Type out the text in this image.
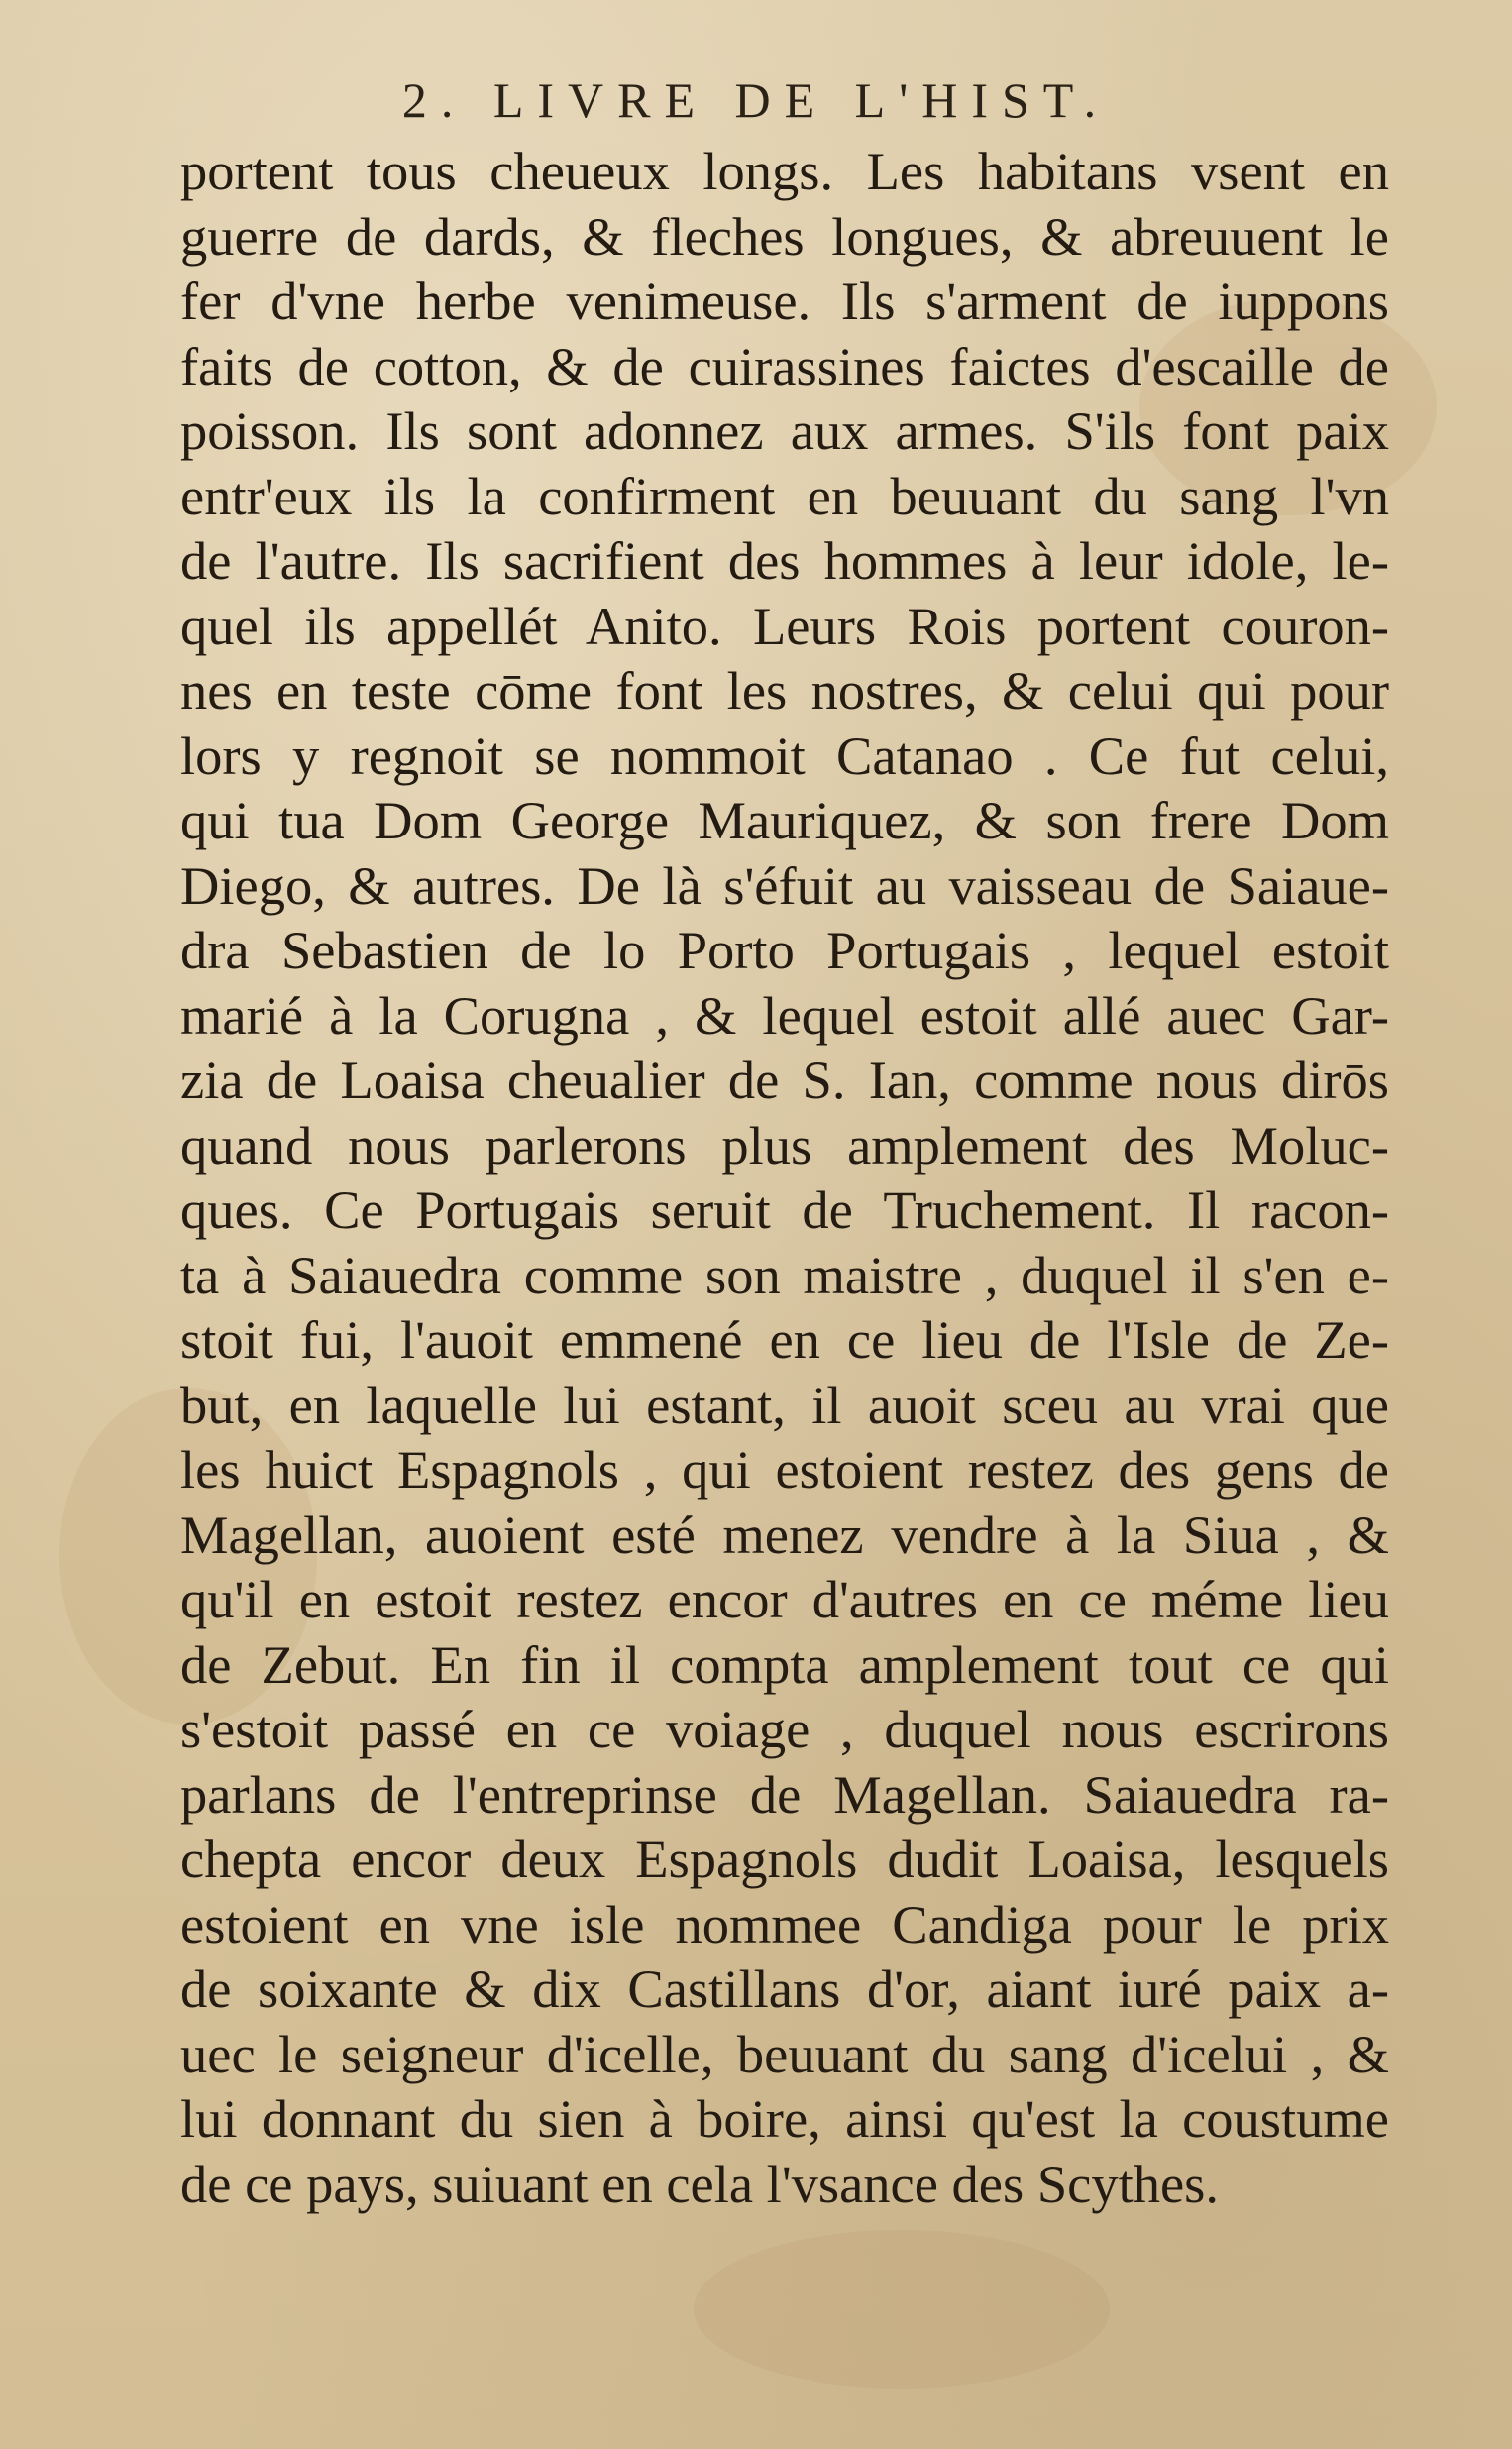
2. LIVRE DE L'HIST.
portent tous cheueux longs. Les habitans vsent en
guerre de dards, & fleches longues, & abreuuent le
fer d'vne herbe venimeuse. Ils s'arment de iuppons
faits de cotton, & de cuirassines faictes d'escaille de
poisson. Ils sont adonnez aux armes. S'ils font paix
entr'eux ils la confirment en beuuant du sang l'vn
de l'autre. Ils sacrifient des hommes à leur idole, le-
quel ils appellét Anito. Leurs Rois portent couron-
nes en teste cōme font les nostres, & celui qui pour
lors y regnoit se nommoit Catanao . Ce fut celui,
qui tua Dom George Mauriquez, & son frere Dom
Diego, & autres. De là s'éfuit au vaisseau de Saiaue-
dra Sebastien de lo Porto Portugais , lequel estoit
marié à la Corugna , & lequel estoit allé auec Gar-
zia de Loaisa cheualier de S. Ian, comme nous dirōs
quand nous parlerons plus amplement des Moluc-
ques. Ce Portugais seruit de Truchement. Il racon-
ta à Saiauedra comme son maistre , duquel il s'en e-
stoit fui, l'auoit emmené en ce lieu de l'Isle de Ze-
but, en laquelle lui estant, il auoit sceu au vrai que
les huict Espagnols , qui estoient restez des gens de
Magellan, auoient esté menez vendre à la Siua , &
qu'il en estoit restez encor d'autres en ce méme lieu
de Zebut. En fin il compta amplement tout ce qui
s'estoit passé en ce voiage , duquel nous escrirons
parlans de l'entreprinse de Magellan. Saiauedra ra-
chepta encor deux Espagnols dudit Loaisa, lesquels
estoient en vne isle nommee Candiga pour le prix
de soixante & dix Castillans d'or, aiant iuré paix a-
uec le seigneur d'icelle, beuuant du sang d'icelui , &
lui donnant du sien à boire, ainsi qu'est la coustume
de ce pays, suiuant en cela l'vsance des Scythes.
